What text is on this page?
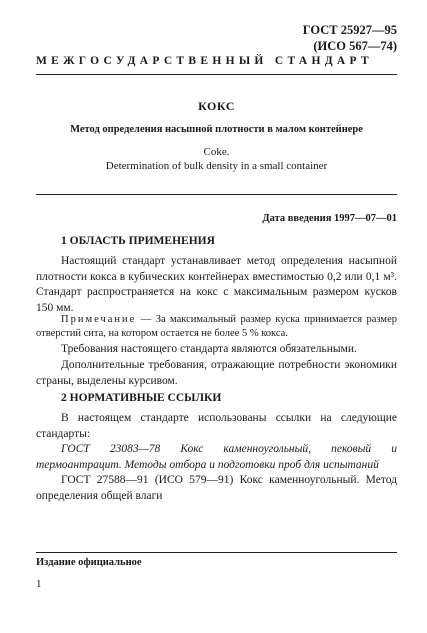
ГОСТ 25927—95
(ИСО 567—74)
МЕЖГОСУДАРСТВЕННЫЙ СТАНДАРТ
КОКС
Метод определения насыпной плотности в малом контейнере
Coke.
Determination of bulk density in a small container
Дата введения 1997—07—01
1 ОБЛАСТЬ ПРИМЕНЕНИЯ
Настоящий стандарт устанавливает метод определения насыпной плотности кокса в кубических контейнерах вместимостью 0,2 или 0,1 м³. Стандарт распространяется на кокс с максимальным размером кусков 150 мм.
Примечание — За максимальный размер куска принимается размер отверстий сита, на котором остается не более 5 % кокса.
Требования настоящего стандарта являются обязательными.
Дополнительные требования, отражающие потребности экономики страны, выделены курсивом.
2 НОРМАТИВНЫЕ ССЫЛКИ
В настоящем стандарте использованы ссылки на следующие стандарты:
ГОСТ 23083—78 Кокс каменноугольный, пековый и термоантрацит. Методы отбора и подготовки проб для испытаний
ГОСТ 27588—91 (ИСО 579—91) Кокс каменноугольный. Метод определения общей влаги
Издание официальное
1
